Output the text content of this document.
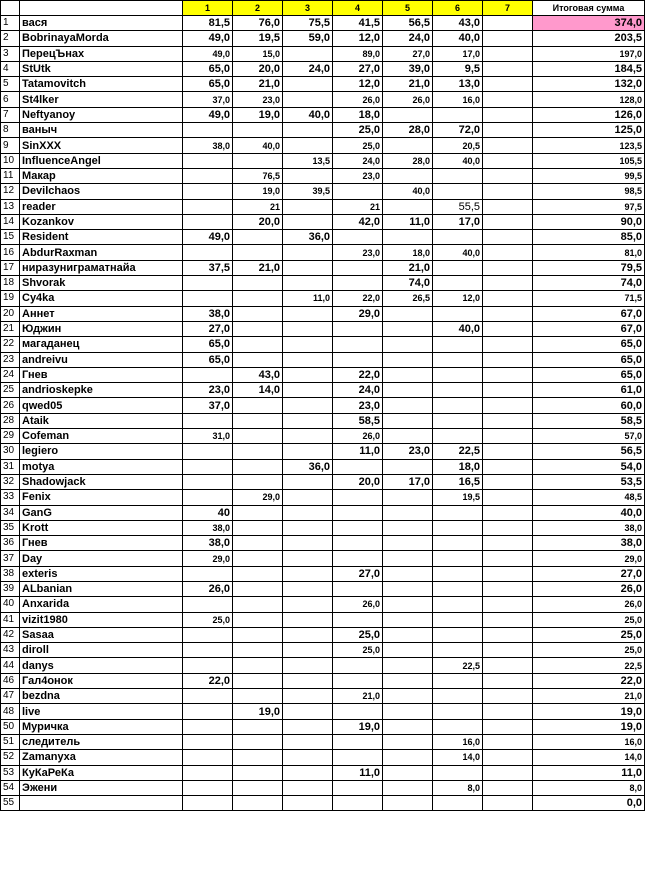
		1	2	3	4	5	6	7	Итоговая сумма
1	вася	81,5	76,0	75,5	41,5	56,5	43,0		374,0
2	BobrinayaMorda	49,0	19,5	59,0	12,0	24,0	40,0		203,5
3	ПерецЪнах	49,0	15,0		89,0	27,0	17,0		197,0
4	StUtk	65,0	20,0	24,0	27,0	39,0	9,5		184,5
5	Tatamovitch	65,0	21,0		12,0	21,0	13,0		132,0
6	St4lker	37,0	23,0		26,0	26,0	16,0		128,0
7	Neftyanoy	49,0	19,0	40,0	18,0				126,0
8	ваныч				25,0	28,0	72,0		125,0
9	SinXXX	38,0	40,0		25,0		20,5		123,5
10	InfluenceAngel			13,5	24,0	28,0	40,0		105,5
11	Макар		76,5		23,0				99,5
12	Devilchaos		19,0	39,5		40,0			98,5
13	reader		21		21		55,5		97,5
14	Kozankov		20,0		42,0	11,0	17,0		90,0
15	Resident	49,0		36,0					85,0
16	AbdurRaxman				23,0	18,0	40,0		81,0
17	ниразуниграматнайа	37,5	21,0			21,0			79,5
18	Shvorak					74,0			74,0
19	Су4ka			11,0	22,0	26,5	12,0		71,5
20	Аннет	38,0			29,0				67,0
21	Юджин	27,0					40,0		67,0
22	магаданец	65,0							65,0
23	andreivu	65,0							65,0
24	Гнев		43,0		22,0				65,0
25	andrioskepke	23,0	14,0		24,0				61,0
26	qwed05	37,0			23,0				60,0
28	Ataik				58,5				58,5
29	Cofeman	31,0			26,0				57,0
30	legiero				11,0	23,0	22,5		56,5
31	motya			36,0			18,0		54,0
32	Shadowjack				20,0	17,0	16,5		53,5
33	Fenix		29,0				19,5		48,5
34	GanG	40							40,0
35	Krott	38,0							38,0
36	Гнев	38,0							38,0
37	Day	29,0							29,0
38	exteris				27,0				27,0
39	ALbanian	26,0							26,0
40	Anxarida				26,0				26,0
41	vizit1980	25,0							25,0
42	Sasaa				25,0				25,0
43	diroll				25,0				25,0
44	danys						22,5		22,5
46	Гал4онок	22,0							22,0
47	bezdna				21,0				21,0
48	live		19,0						19,0
50	Муричка				19,0				19,0
51	следитель						16,0		16,0
52	Zamanyxa						14,0		14,0
53	КуКаРеКа				11,0				11,0
54	Эжени						8,0		8,0
55									0,0
